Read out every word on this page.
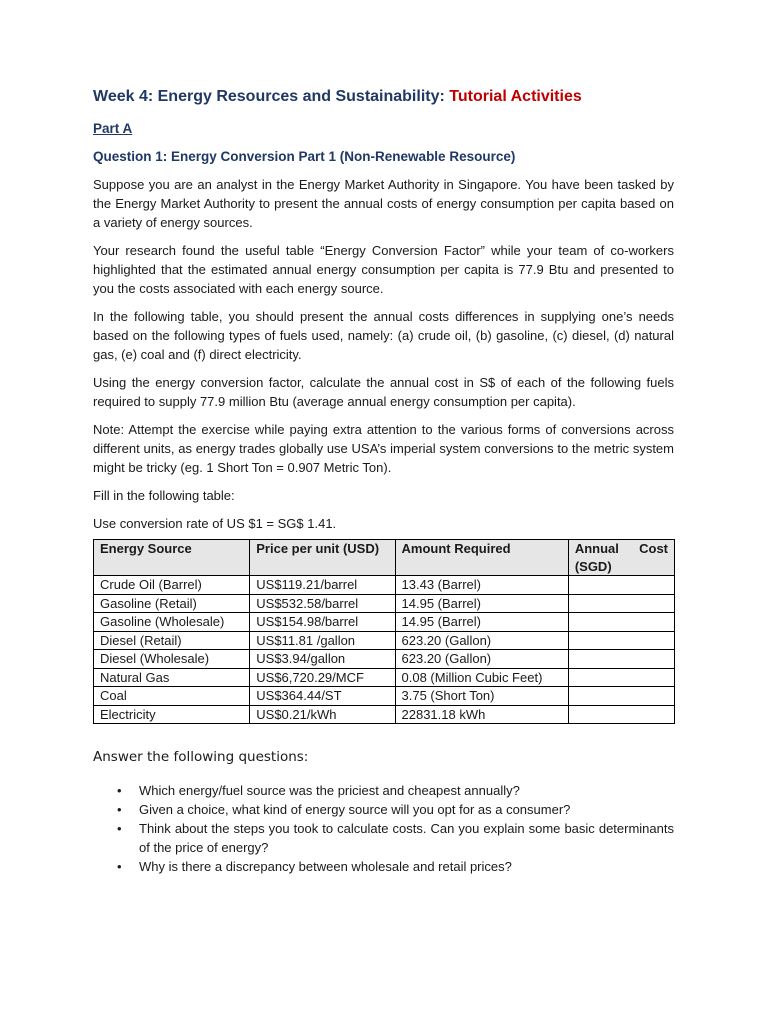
Week 4: Energy Resources and Sustainability: Tutorial Activities
Part A
Question 1: Energy Conversion Part 1 (Non-Renewable Resource)

Suppose you are an analyst in the Energy Market Authority in Singapore. You have been tasked by the Energy Market Authority to present the annual costs of energy consumption per capita based on a variety of energy sources.

Your research found the useful table “Energy Conversion Factor” while your team of co-workers highlighted that the estimated annual energy consumption per capita is 77.9 Btu and presented to you the costs associated with each energy source.

In the following table, you should present the annual costs differences in supplying one’s needs based on the following types of fuels used, namely: (a) crude oil, (b) gasoline, (c) diesel, (d) natural gas, (e) coal and (f) direct electricity.

Using the energy conversion factor, calculate the annual cost in S$ of each of the following fuels required to supply 77.9 million Btu (average annual energy consumption per capita).

Note: Attempt the exercise while paying extra attention to the various forms of conversions across different units, as energy trades globally use USA’s imperial system conversions to the metric system might be tricky (eg. 1 Short Ton = 0.907 Metric Ton).

Fill in the following table:

Use conversion rate of US $1 = SG$ 1.41.

Energy Source	Price per unit (USD)	Amount Required	Annual Cost
(SGD)

Crude Oil (Barrel)	US$119.21/barrel	13.43 (Barrel)	
Gasoline (Retail)	US$532.58/barrel	14.95 (Barrel)	
Gasoline (Wholesale)	US$154.98/barrel	14.95 (Barrel)	
Diesel (Retail)	US$11.81 /gallon	623.20 (Gallon)	
Diesel (Wholesale)	US$3.94/gallon	623.20 (Gallon)	
Natural Gas	US$6,720.29/MCF	0.08 (Million Cubic Feet)	
Coal	US$364.44/ST	3.75 (Short Ton)	
Electricity	US$0.21/kWh	22831.18 kWh	
Answer the following questions:
• Which energy/fuel source was the priciest and cheapest annually?
• Given a choice, what kind of energy source will you opt for as a consumer?
• Think about the steps you took to calculate costs. Can you explain some basic determinants of the price of energy?
• Why is there a discrepancy between wholesale and retail prices?
